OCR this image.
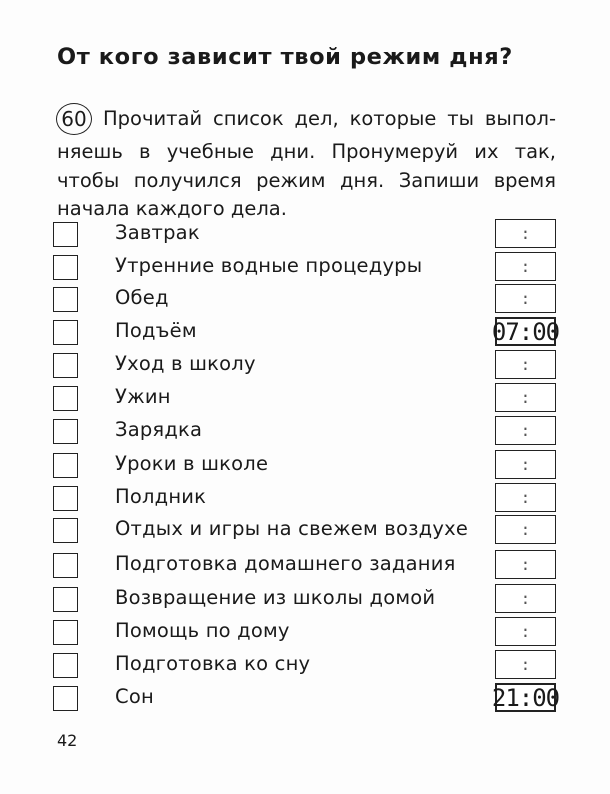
От кого зависит твой режим дня?
60 Прочитай список дел, которые ты выпол-
няешь в учебные дни. Пронумеруй их так,
чтобы получился режим дня. Запиши время
начала каждого дела.
Завтрак	:
Утренние водные процедуры	:
Обед	:
Подъём	07:00
Уход в школу	:
Ужин	:
Зарядка	:
Уроки в школе	:
Полдник	:
Отдых и игры на свежем воздухе	:
Подготовка домашнего задания	:
Возвращение из школы домой	:
Помощь по дому	:
Подготовка ко сну	:
Сон	21:00
42
